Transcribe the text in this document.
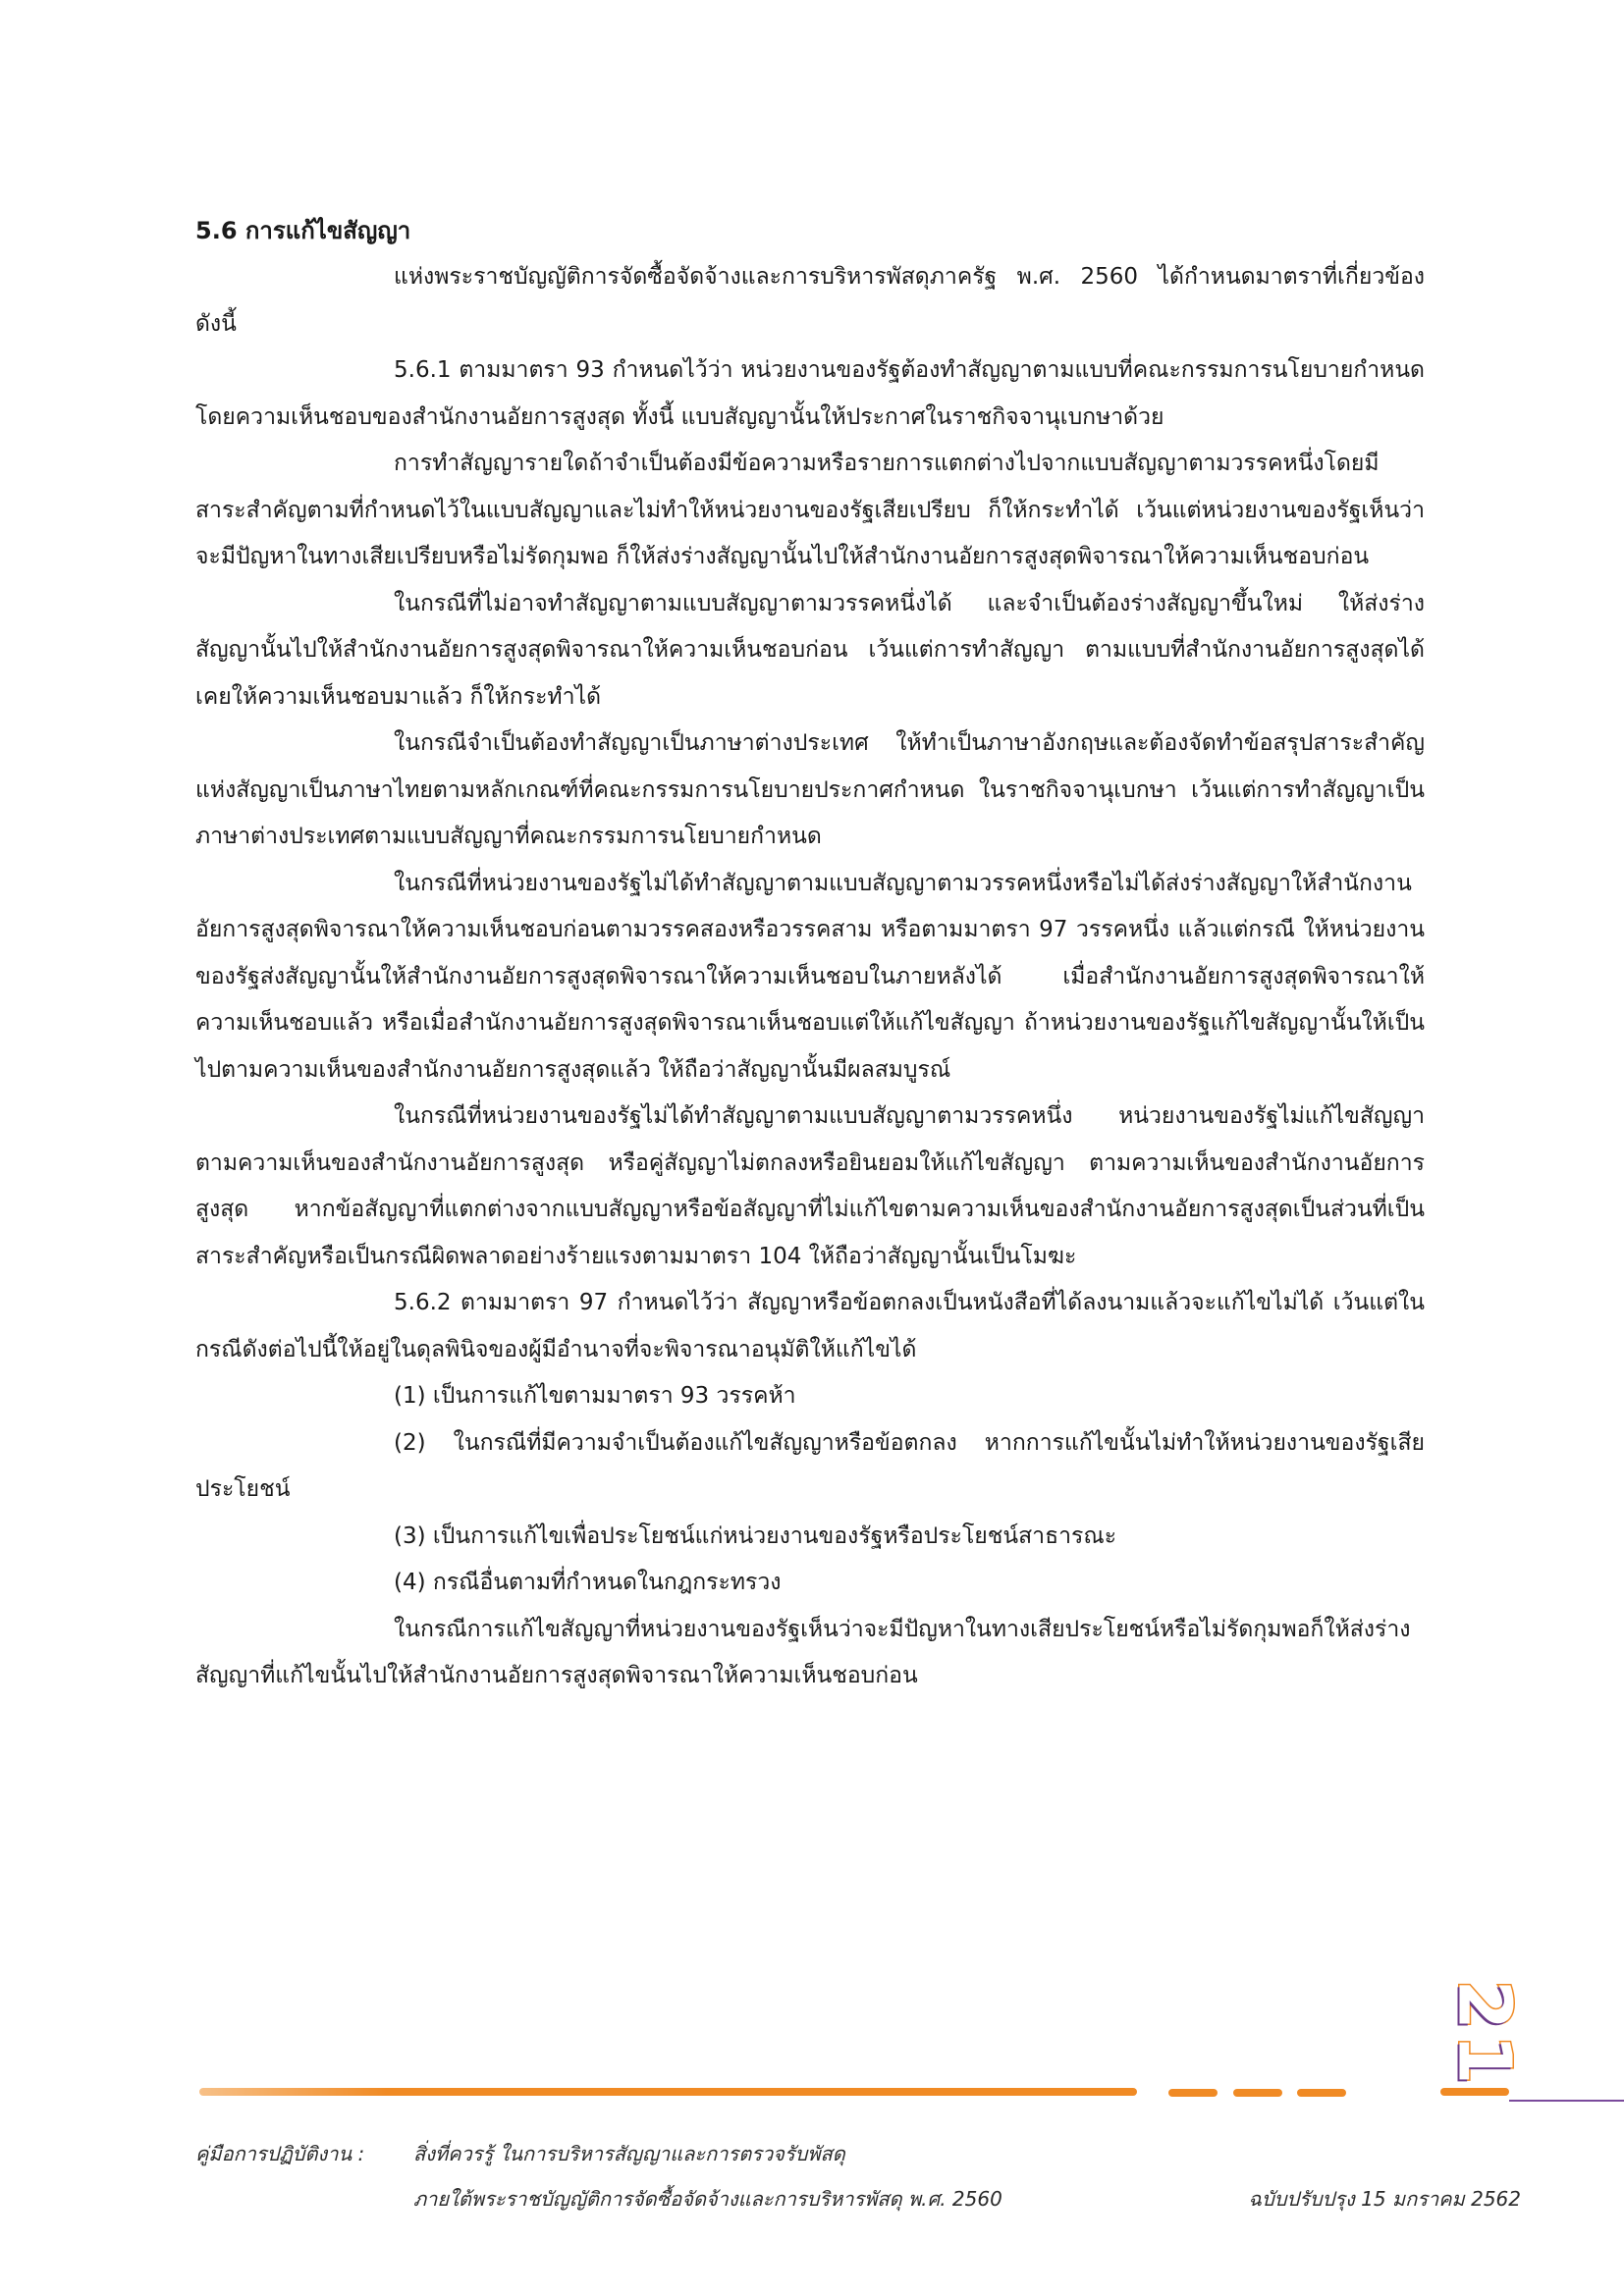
5.6 การแก้ไขสัญญา

แห่งพระราชบัญญัติการจัดซื้อจัดจ้างและการบริหารพัสดุภาครัฐ พ.ศ. 2560 ได้กำหนดมาตราที่เกี่ยวข้องดังนี้

5.6.1 ตามมาตรา 93 กำหนดไว้ว่า หน่วยงานของรัฐต้องทำสัญญาตามแบบที่คณะกรรมการนโยบายกำหนดโดยความเห็นชอบของสำนักงานอัยการสูงสุด ทั้งนี้ แบบสัญญานั้นให้ประกาศในราชกิจจานุเบกษาด้วย

การทำสัญญารายใดถ้าจำเป็นต้องมีข้อความหรือรายการแตกต่างไปจากแบบสัญญาตามวรรคหนึ่งโดยมีสาระสำคัญตามที่กำหนดไว้ในแบบสัญญาและไม่ทำให้หน่วยงานของรัฐเสียเปรียบ ก็ให้กระทำได้ เว้นแต่หน่วยงานของรัฐเห็นว่าจะมีปัญหาในทางเสียเปรียบหรือไม่รัดกุมพอ ก็ให้ส่งร่างสัญญานั้นไปให้สำนักงานอัยการสูงสุดพิจารณาให้ความเห็นชอบก่อน

ในกรณีที่ไม่อาจทำสัญญาตามแบบสัญญาตามวรรคหนึ่งได้ และจำเป็นต้องร่างสัญญาขึ้นใหม่ ให้ส่งร่างสัญญานั้นไปให้สำนักงานอัยการสูงสุดพิจารณาให้ความเห็นชอบก่อน เว้นแต่การทำสัญญา ตามแบบที่สำนักงานอัยการสูงสุดได้เคยให้ความเห็นชอบมาแล้ว ก็ให้กระทำได้

ในกรณีจำเป็นต้องทำสัญญาเป็นภาษาต่างประเทศ ให้ทำเป็นภาษาอังกฤษและต้องจัดทำข้อสรุปสาระสำคัญแห่งสัญญาเป็นภาษาไทยตามหลักเกณฑ์ที่คณะกรรมการนโยบายประกาศกำหนด ในราชกิจจานุเบกษา เว้นแต่การทำสัญญาเป็นภาษาต่างประเทศตามแบบสัญญาที่คณะกรรมการนโยบายกำหนด

ในกรณีที่หน่วยงานของรัฐไม่ได้ทำสัญญาตามแบบสัญญาตามวรรคหนึ่งหรือไม่ได้ส่งร่างสัญญาให้สำนักงานอัยการสูงสุดพิจารณาให้ความเห็นชอบก่อนตามวรรคสองหรือวรรคสาม หรือตามมาตรา 97 วรรคหนึ่ง แล้วแต่กรณี ให้หน่วยงานของรัฐส่งสัญญานั้นให้สำนักงานอัยการสูงสุดพิจารณาให้ความเห็นชอบในภายหลังได้ เมื่อสำนักงานอัยการสูงสุดพิจารณาให้ความเห็นชอบแล้ว หรือเมื่อสำนักงานอัยการสูงสุดพิจารณาเห็นชอบแต่ให้แก้ไขสัญญา ถ้าหน่วยงานของรัฐแก้ไขสัญญานั้นให้เป็นไปตามความเห็นของสำนักงานอัยการสูงสุดแล้ว ให้ถือว่าสัญญานั้นมีผลสมบูรณ์

ในกรณีที่หน่วยงานของรัฐไม่ได้ทำสัญญาตามแบบสัญญาตามวรรคหนึ่ง หน่วยงานของรัฐไม่แก้ไขสัญญาตามความเห็นของสำนักงานอัยการสูงสุด หรือคู่สัญญาไม่ตกลงหรือยินยอมให้แก้ไขสัญญา ตามความเห็นของสำนักงานอัยการสูงสุด หากข้อสัญญาที่แตกต่างจากแบบสัญญาหรือข้อสัญญาที่ไม่แก้ไขตามความเห็นของสำนักงานอัยการสูงสุดเป็นส่วนที่เป็นสาระสำคัญหรือเป็นกรณีผิดพลาดอย่างร้ายแรงตามมาตรา 104 ให้ถือว่าสัญญานั้นเป็นโมฆะ

5.6.2 ตามมาตรา 97 กำหนดไว้ว่า สัญญาหรือข้อตกลงเป็นหนังสือที่ได้ลงนามแล้วจะแก้ไขไม่ได้ เว้นแต่ในกรณีดังต่อไปนี้ให้อยู่ในดุลพินิจของผู้มีอำนาจที่จะพิจารณาอนุมัติให้แก้ไขได้

(1) เป็นการแก้ไขตามมาตรา 93 วรรคห้า

(2) ในกรณีที่มีความจำเป็นต้องแก้ไขสัญญาหรือข้อตกลง หากการแก้ไขนั้นไม่ทำให้หน่วยงานของรัฐเสียประโยชน์

(3) เป็นการแก้ไขเพื่อประโยชน์แก่หน่วยงานของรัฐหรือประโยชน์สาธารณะ

(4) กรณีอื่นตามที่กำหนดในกฎกระทรวง

ในกรณีการแก้ไขสัญญาที่หน่วยงานของรัฐเห็นว่าจะมีปัญหาในทางเสียประโยชน์หรือไม่รัดกุมพอก็ให้ส่งร่างสัญญาที่แก้ไขนั้นไปให้สำนักงานอัยการสูงสุดพิจารณาให้ความเห็นชอบก่อน

21
คู่มือการปฏิบัติงาน : สิ่งที่ควรรู้ ในการบริหารสัญญาและการตรวจรับพัสดุ
ภายใต้พระราชบัญญัติการจัดซื้อจัดจ้างและการบริหารพัสดุ พ.ศ. 2560	ฉบับปรับปรุง 15 มกราคม 2562
